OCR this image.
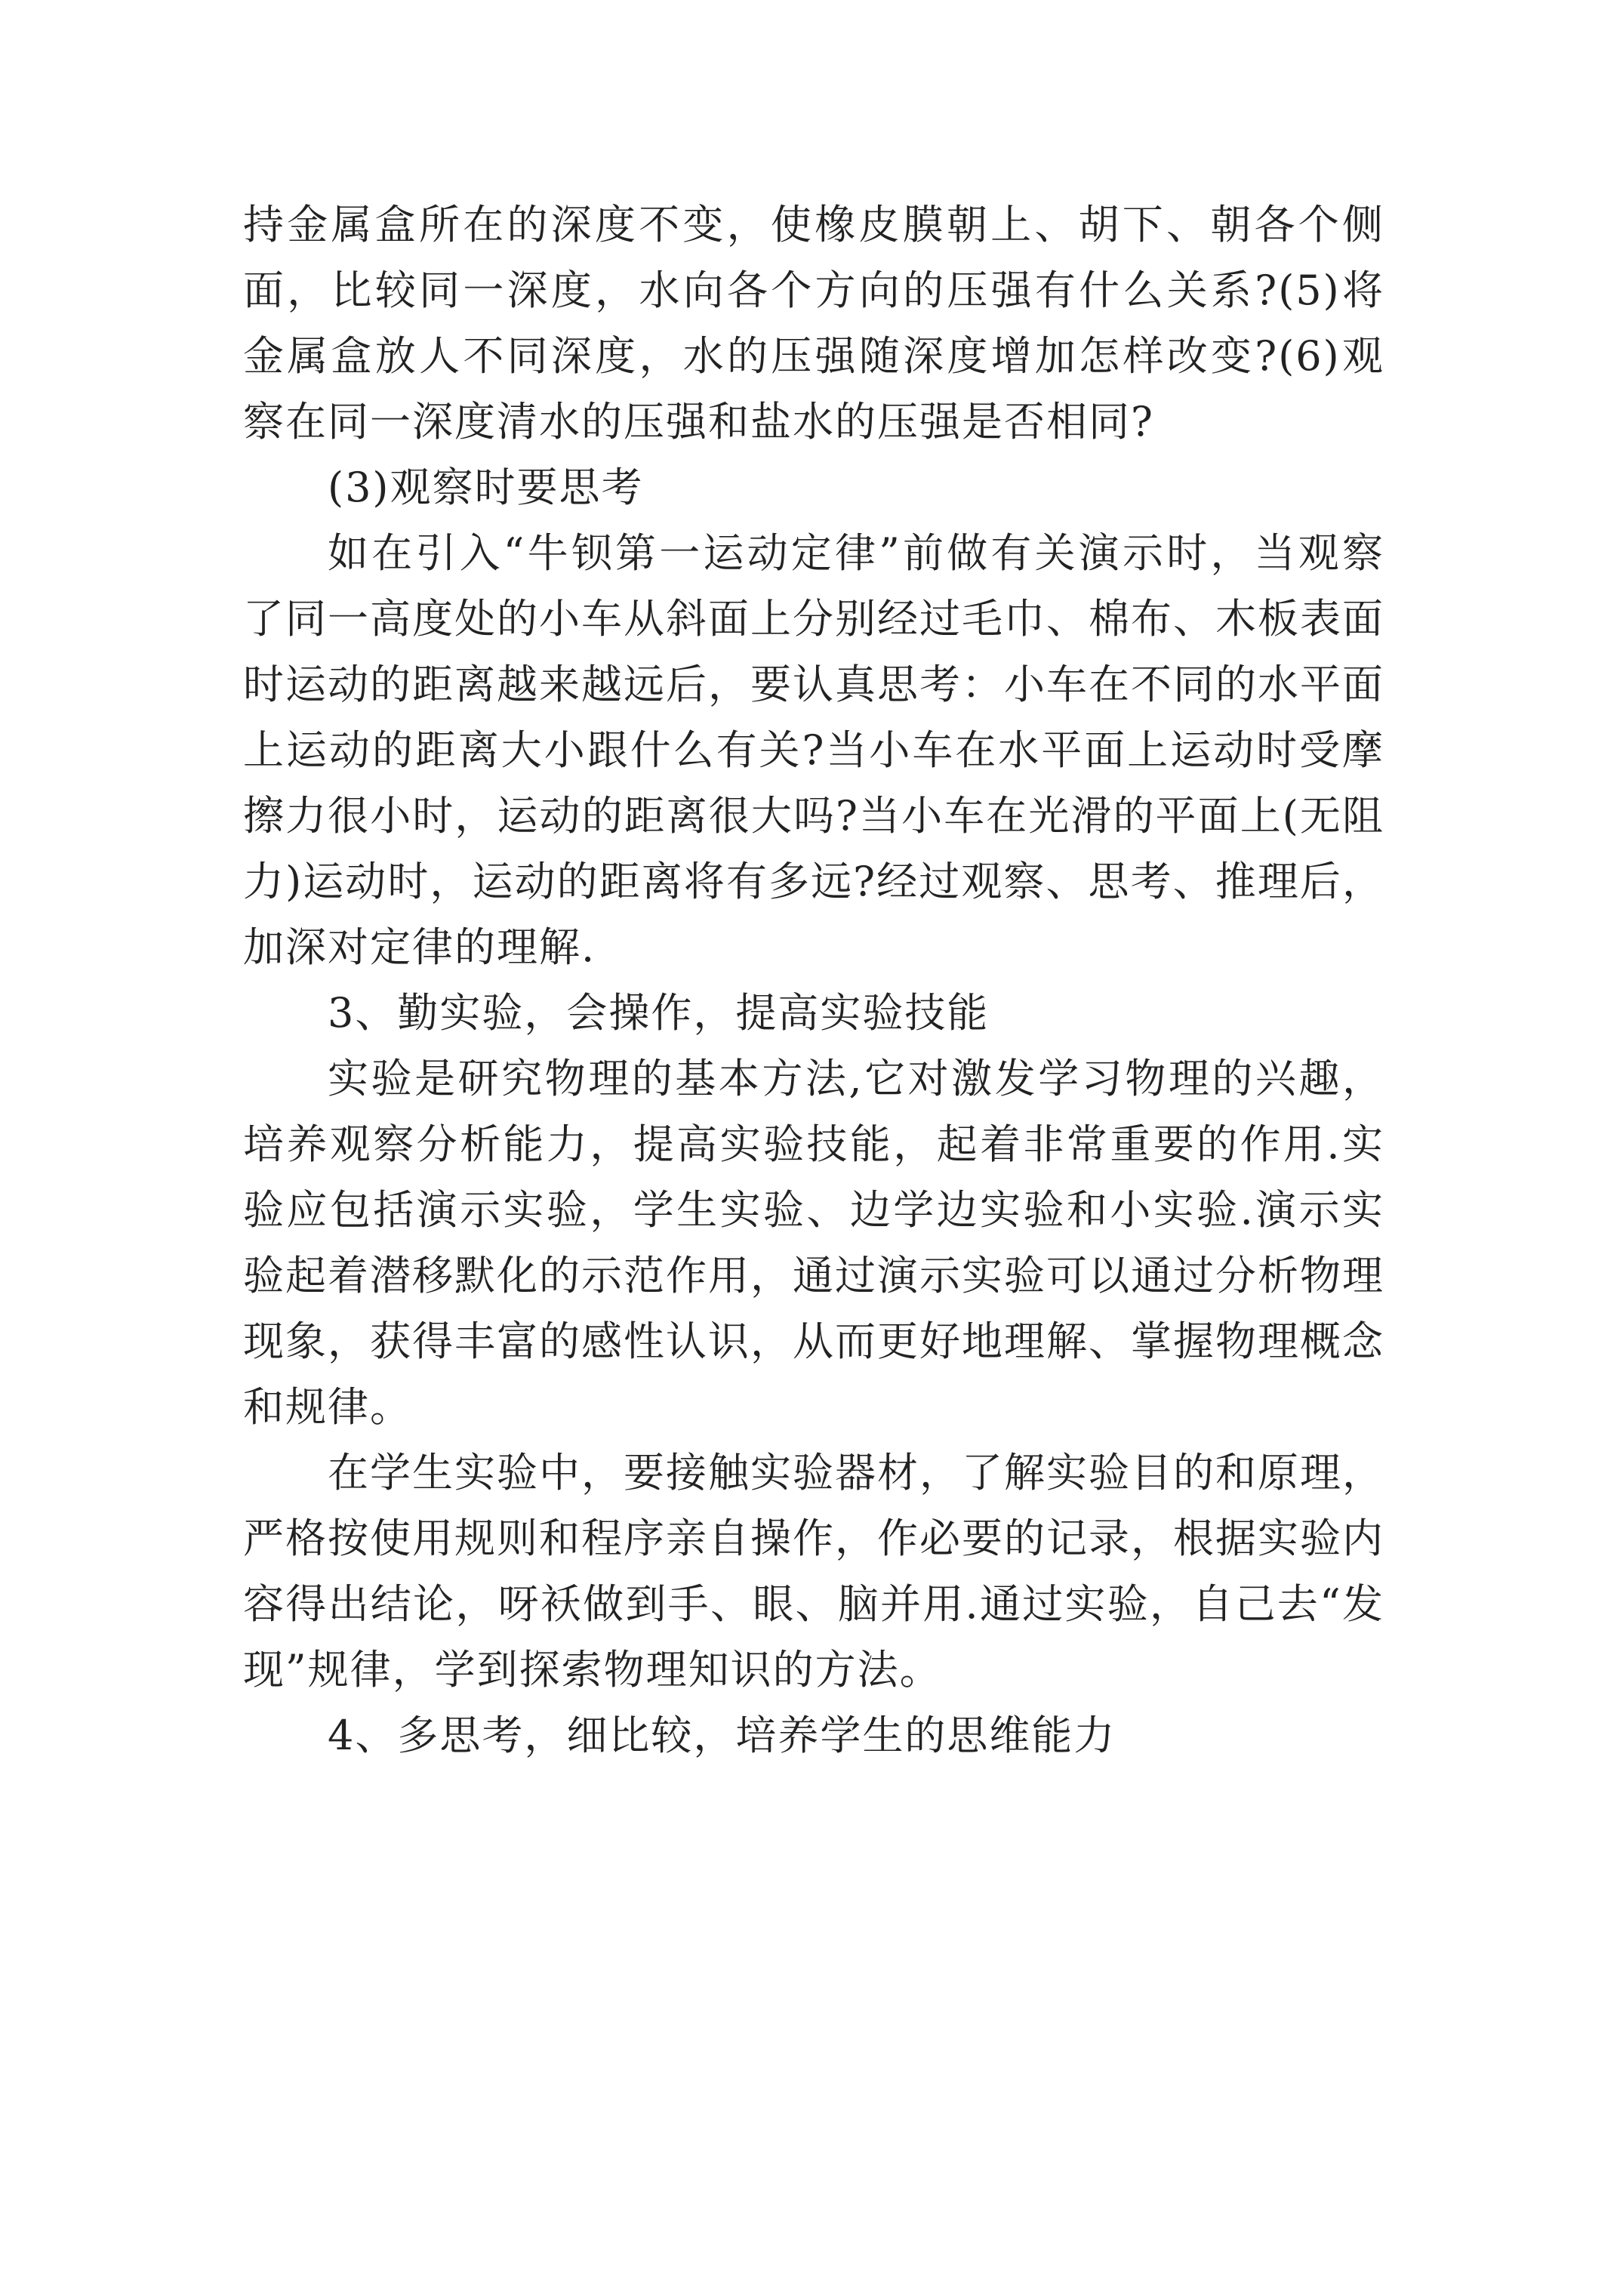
持金属盒所在的深度不变，使橡皮膜朝上、胡下、朝各个侧面，比较同一深度，水向各个方向的压强有什么关系?(5)将金属盒放人不同深度，水的压强随深度增加怎样改变?(6)观察在同一深度清水的压强和盐水的压强是否相同?

(3)观察时要思考

如在引入“牛钡第一运动定律”前做有关演示时，当观察了同一高度处的小车从斜面上分别经过毛巾、棉布、木板表面时运动的距离越来越远后，要认真思考：小车在不同的水平面上运动的距离大小跟什么有关?当小车在水平面上运动时受摩擦力很小时，运动的距离很大吗?当小车在光滑的平面上(无阻力)运动时，运动的距离将有多远?经过观察、思考、推理后，加深对定律的理解.

3、勤实验，会操作，提高实验技能

实验是研究物理的基本方法,它对激发学习物理的兴趣，培养观察分析能力，提高实验技能，起着非常重要的作用.实验应包括演示实验，学生实验、边学边实验和小实验.演示实验起着潜移默化的示范作用，通过演示实验可以通过分析物理现象，获得丰富的感性认识，从而更好地理解、掌握物理概念和规律。

在学生实验中，要接触实验器材，了解实验目的和原理，严格按使用规则和程序亲自操作，作必要的记录，根据实验内容得出结论，呀袄做到手、眼、脑并用.通过实验，自己去“发现”规律，学到探索物理知识的方法。

4、多思考，细比较，培养学生的思维能力
